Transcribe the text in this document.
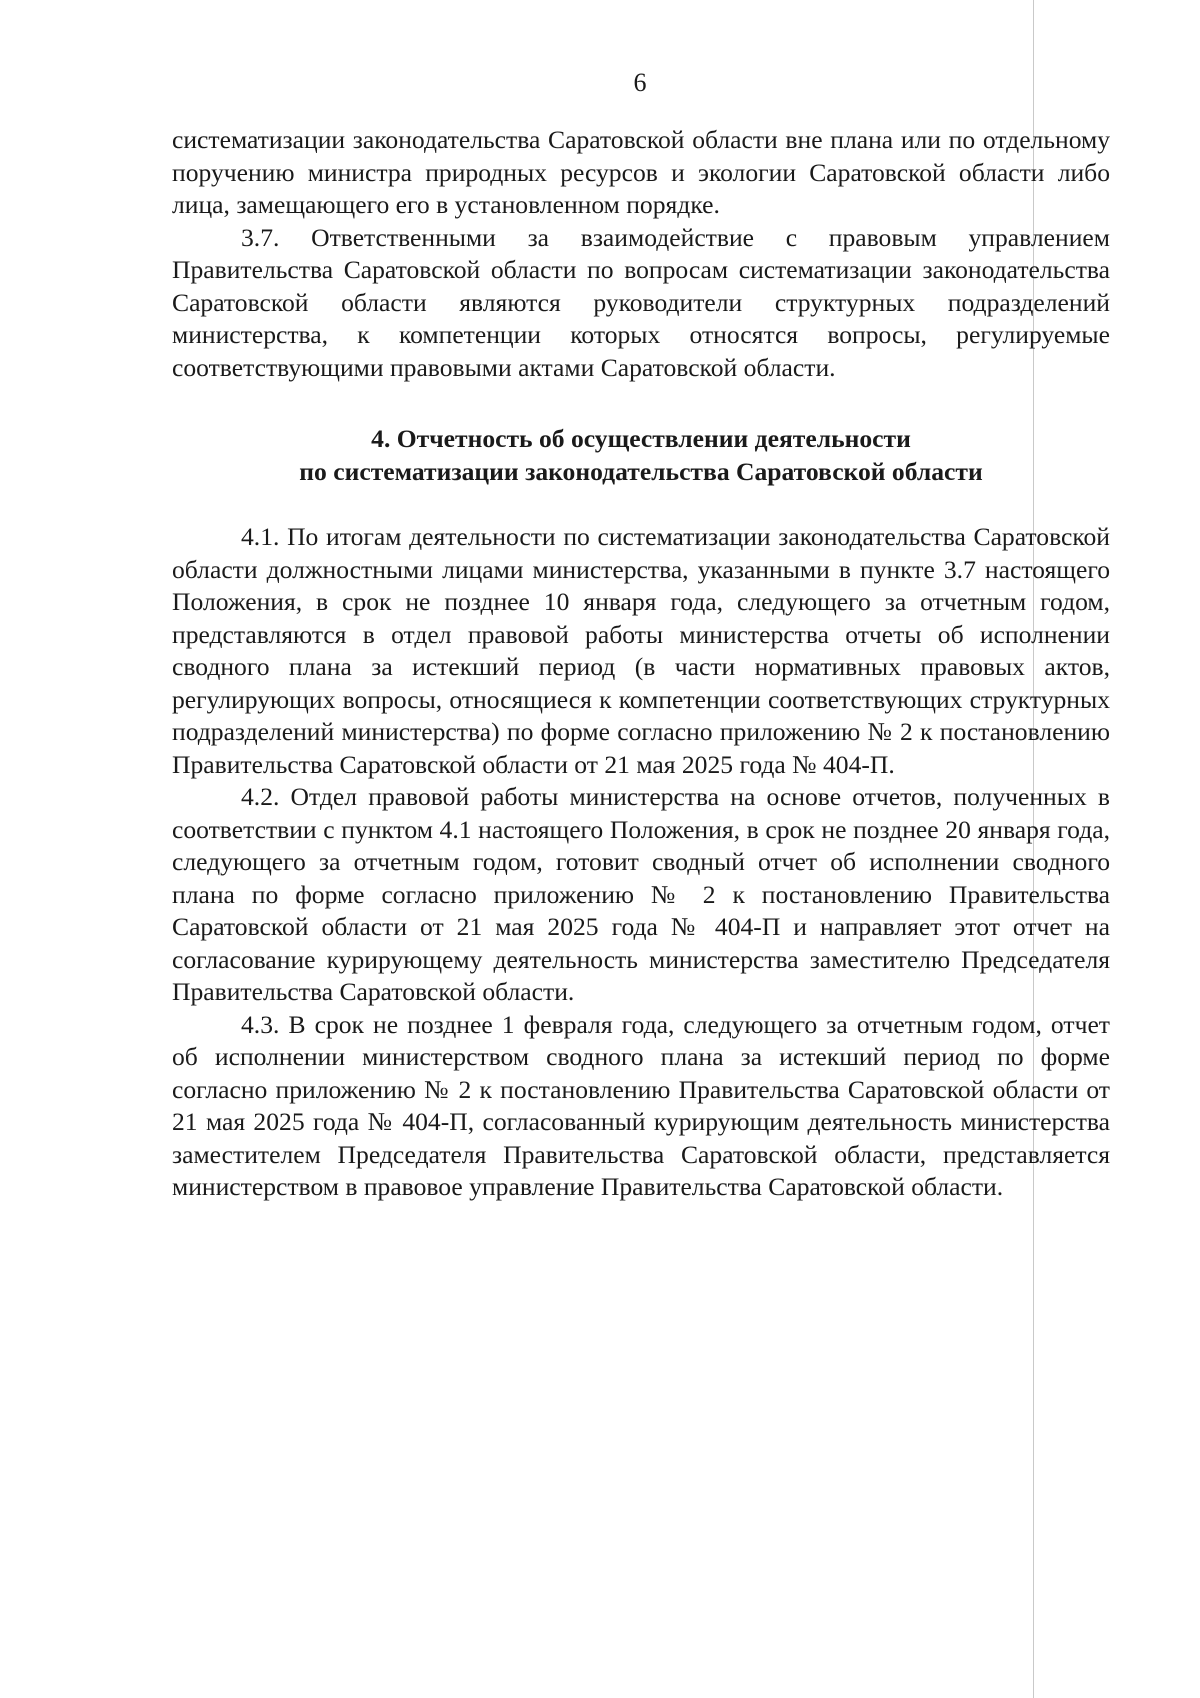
6

систематизации законодательства Саратовской области вне плана или по отдельному поручению министра природных ресурсов и экологии Саратовской области либо лица, замещающего его в установленном порядке.

3.7. Ответственными за взаимодействие с правовым управлением Правительства Саратовской области по вопросам систематизации законодательства Саратовской области являются руководители структурных подразделений министерства, к компетенции которых относятся вопросы, регулируемые соответствующими правовыми актами Саратовской области.

4. Отчетность об осуществлении деятельности

по систематизации законодательства Саратовской области

4.1. По итогам деятельности по систематизации законодательства Саратовской области должностными лицами министерства, указанными в пункте 3.7 настоящего Положения, в срок не позднее 10 января года, следующего за отчетным годом, представляются в отдел правовой работы министерства отчеты об исполнении сводного плана за истекший период (в части нормативных правовых актов, регулирующих вопросы, относящиеся к компетенции соответствующих структурных подразделений министерства) по форме согласно приложению № 2 к постановлению Правительства Саратовской области от 21 мая 2025 года № 404-П.

4.2. Отдел правовой работы министерства на основе отчетов, полученных в соответствии с пунктом 4.1 настоящего Положения, в срок не позднее 20 января года, следующего за отчетным годом, готовит сводный отчет об исполнении сводного плана по форме согласно приложению № 2 к постановлению Правительства Саратовской области от 21 мая 2025 года № 404-П и направляет этот отчет на согласование курирующему деятельность министерства заместителю Председателя Правительства Саратовской области.

4.3. В срок не позднее 1 февраля года, следующего за отчетным годом, отчет об исполнении министерством сводного плана за истекший период по форме согласно приложению № 2 к постановлению Правительства Саратовской области от 21 мая 2025 года № 404-П, согласованный курирующим деятельность министерства заместителем Председателя Правительства Саратовской области, представляется министерством в правовое управление Правительства Саратовской области.
